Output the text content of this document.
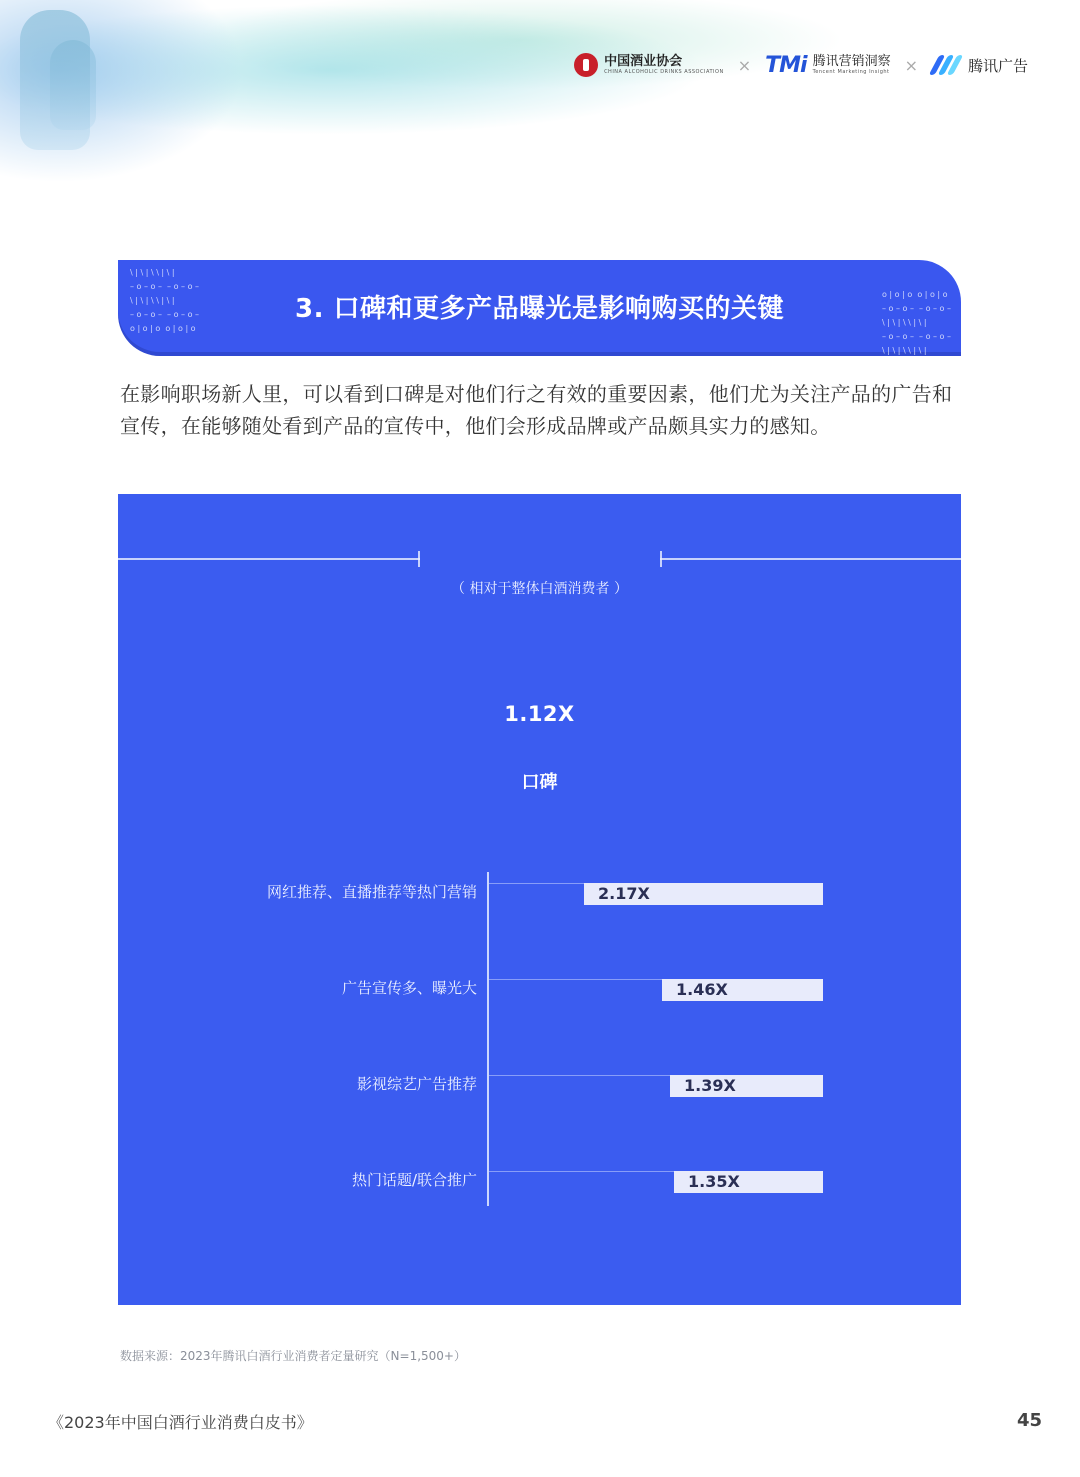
中国酒业协会
CHINA ALCOHOLIC DRINKS ASSOCIATION × TMi 腾讯营销洞察
Tencent Marketing Insight ×	腾讯广告
\ | \ | \ \ | \ |
– o – o –  – o – o –
\ | \ | \ \ | \ |
– o – o –  – o – o –
o | o | o  o | o | o
3. 口碑和更多产品曝光是影响购买的关键	o | o | o  o | o | o
– o – o –  – o – o –
\ | \ | \ \ | \ |
– o – o –  – o – o –
\ | \ | \ \ | \ |
在影响职场新人里，可以看到口碑是对他们行之有效的重要因素，他们尤为关注产品的广告和宣传，在能够随处看到产品的宣传中，他们会形成品牌或产品颇具实力的感知。
（ 相对于整体白酒消费者 ）
1.12X
口碑
网红推荐、直播推荐等热门营销	2.17X
广告宣传多、曝光大	1.46X
影视综艺广告推荐	1.39X
热门话题/联合推广	1.35X
数据来源：2023年腾讯白酒行业消费者定量研究（N=1,500+）
《2023年中国白酒行业消费白皮书》	45
